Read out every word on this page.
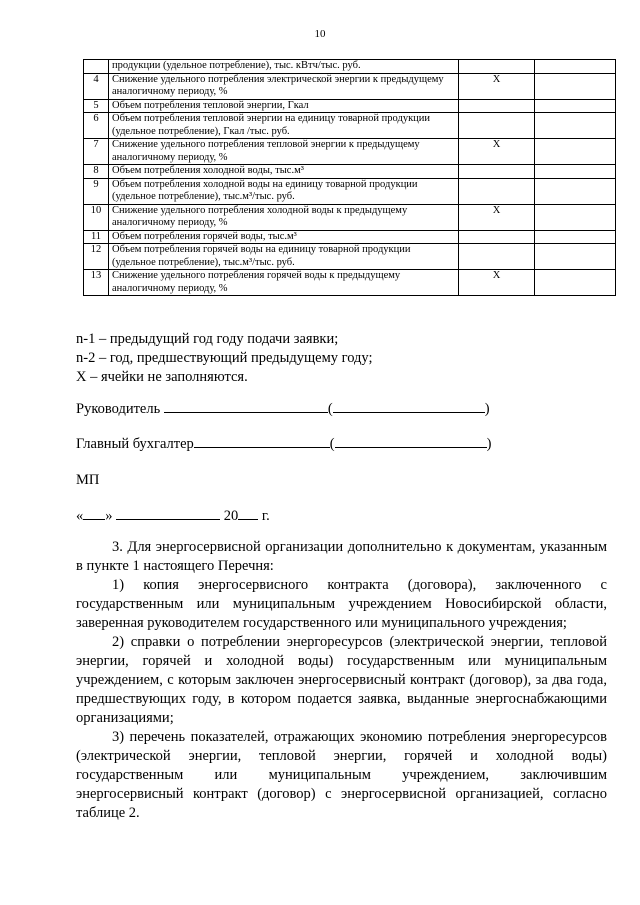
10
	продукции (удельное потребление), тыс. кВтч/тыс. руб.		
4	Снижение удельного потребления электрической энергии к предыдущему аналогичному периоду, %	Х	
5	Объем потребления тепловой энергии, Гкал		
6	Объем потребления тепловой энергии на единицу товарной продукции (удельное потребление), Гкал /тыс. руб.		
7	Снижение удельного потребления тепловой энергии к предыдущему аналогичному периоду, %	Х	
8	Объем потребления холодной воды, тыс.м³		
9	Объем потребления холодной воды на единицу товарной продукции (удельное потребление), тыс.м³/тыс. руб.		
10	Снижение удельного потребления холодной воды к предыдущему аналогичному периоду, %	Х	
11	Объем потребления горячей воды, тыс.м³		
12	Объем потребления горячей воды на единицу товарной продукции (удельное потребление), тыс.м³/тыс. руб.		
13	Снижение удельного потребления горячей воды к предыдущему аналогичному периоду, %	Х	

n-1 – предыдущий год году подачи заявки;

n-2 – год, предшествующий предыдущему году;

Х – ячейки не заполняются.

Руководитель	(	)
Главный бухгалтер	(	)
МП
« »	20 г.

3. Для энергосервисной организации дополнительно к документам, указанным в пункте 1 настоящего Перечня:

1) копия энергосервисного контракта (договора), заключенного с государственным или муниципальным учреждением Новосибирской области, заверенная руководителем государственного или муниципального учреждения;

2) справки о потреблении энергоресурсов (электрической энергии, тепловой энергии, горячей и холодной воды) государственным или муниципальным учреждением, с которым заключен энергосервисный контракт (договор), за два года, предшествующих году, в котором подается заявка, выданные энергоснабжающими организациями;

3) перечень показателей, отражающих экономию потребления энергоресурсов (электрической энергии, тепловой энергии, горячей и холодной воды) государственным или муниципальным учреждением, заключившим энергосервисный контракт (договор) с энергосервисной организацией, согласно таблице 2.
